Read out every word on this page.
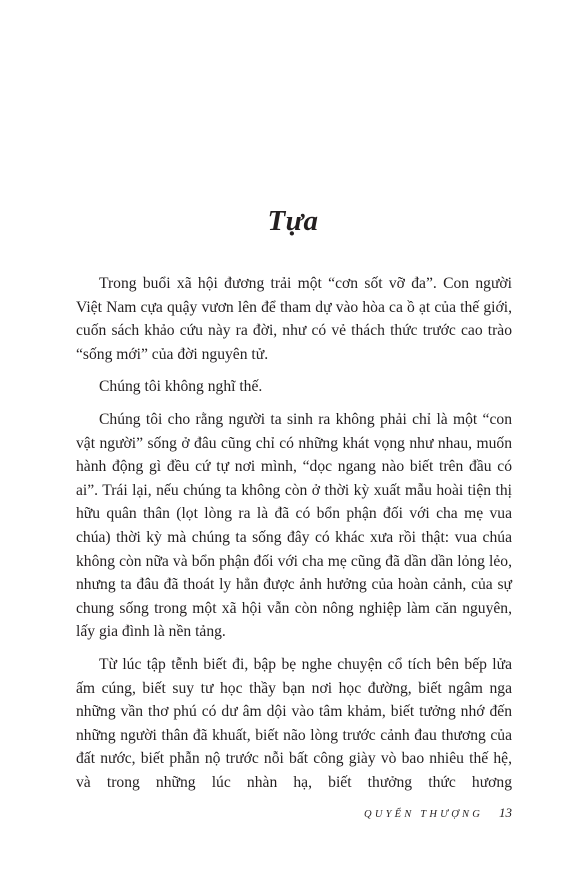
Tựa

Trong buổi xã hội đương trải một “cơn sốt vỡ đa”. Con người Việt Nam cựa quậy vươn lên để tham dự vào hòa ca ồ ạt của thế giới, cuốn sách khảo cứu này ra đời, như có vẻ thách thức trước cao trào “sống mới” của đời nguyên tử.

Chúng tôi không nghĩ thế.

Chúng tôi cho rằng người ta sinh ra không phải chỉ là một “con vật người” sống ở đâu cũng chỉ có những khát vọng như nhau, muốn hành động gì đều cứ tự nơi mình, “dọc ngang nào biết trên đầu có ai”. Trái lại, nếu chúng ta không còn ở thời kỳ xuất mẫu hoài tiện thị hữu quân thân (lọt lòng ra là đã có bổn phận đối với cha mẹ vua chúa) thời kỳ mà chúng ta sống đây có khác xưa rồi thật: vua chúa không còn nữa và bổn phận đối với cha mẹ cũng đã dần dần lỏng lẻo, nhưng ta đâu đã thoát ly hẳn được ảnh hưởng của hoàn cảnh, của sự chung sống trong một xã hội vẫn còn nông nghiệp làm căn nguyên, lấy gia đình là nền tảng.

Từ lúc tập tễnh biết đi, bập bẹ nghe chuyện cổ tích bên bếp lửa ấm cúng, biết suy tư học thầy bạn nơi học đường, biết ngâm nga những vần thơ phú có dư âm dội vào tâm khảm, biết tưởng nhớ đến những người thân đã khuất, biết não lòng trước cảnh đau thương của đất nước, biết phẫn nộ trước nỗi bất công giày vò bao nhiêu thế hệ, và trong những lúc nhàn hạ, biết thưởng thức hương

QUYỂN THƯỢNG 13
